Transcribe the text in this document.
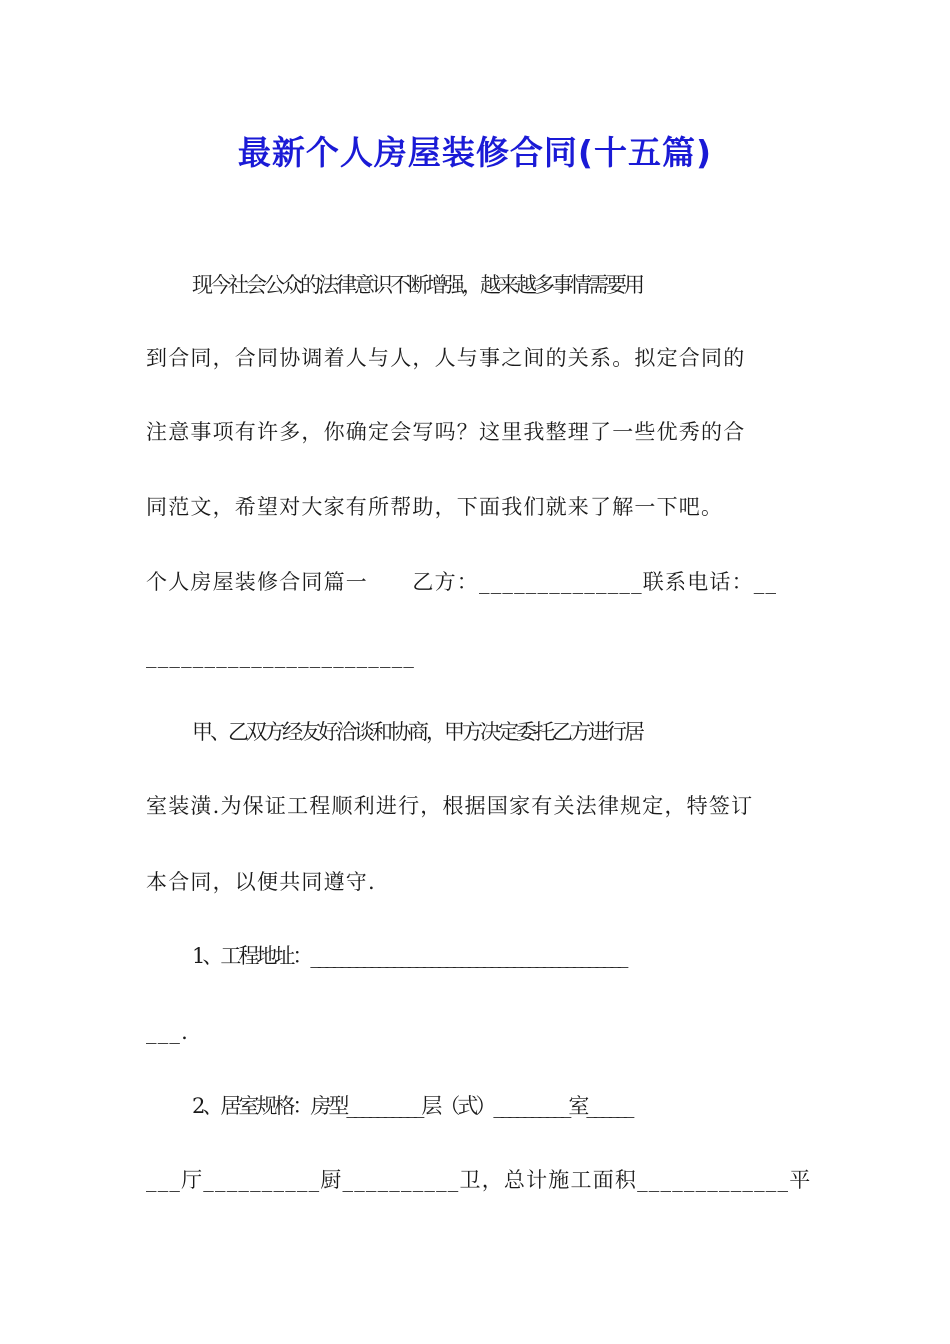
最新个人房屋装修合同(十五篇)
现今社会公众的法律意识不断增强，越来越多事情需要用
到合同，合同协调着人与人，人与事之间的关系。拟定合同的
注意事项有许多，你确定会写吗？这里我整理了一些优秀的合
同范文，希望对大家有所帮助，下面我们就来了解一下吧。
个人房屋装修合同篇一　　乙方：______________联系电话：__
_______________________
甲、乙双方经友好洽谈和协商，甲方决定委托乙方进行居
室装潢.为保证工程顺利进行，根据国家有关法律规定，特签订
本合同，以便共同遵守.
1、工程地址：__________________________________________
___.
2、居室规格：房型__________层（式）__________室______
___厅__________厨__________卫，总计施工面积_____________平
